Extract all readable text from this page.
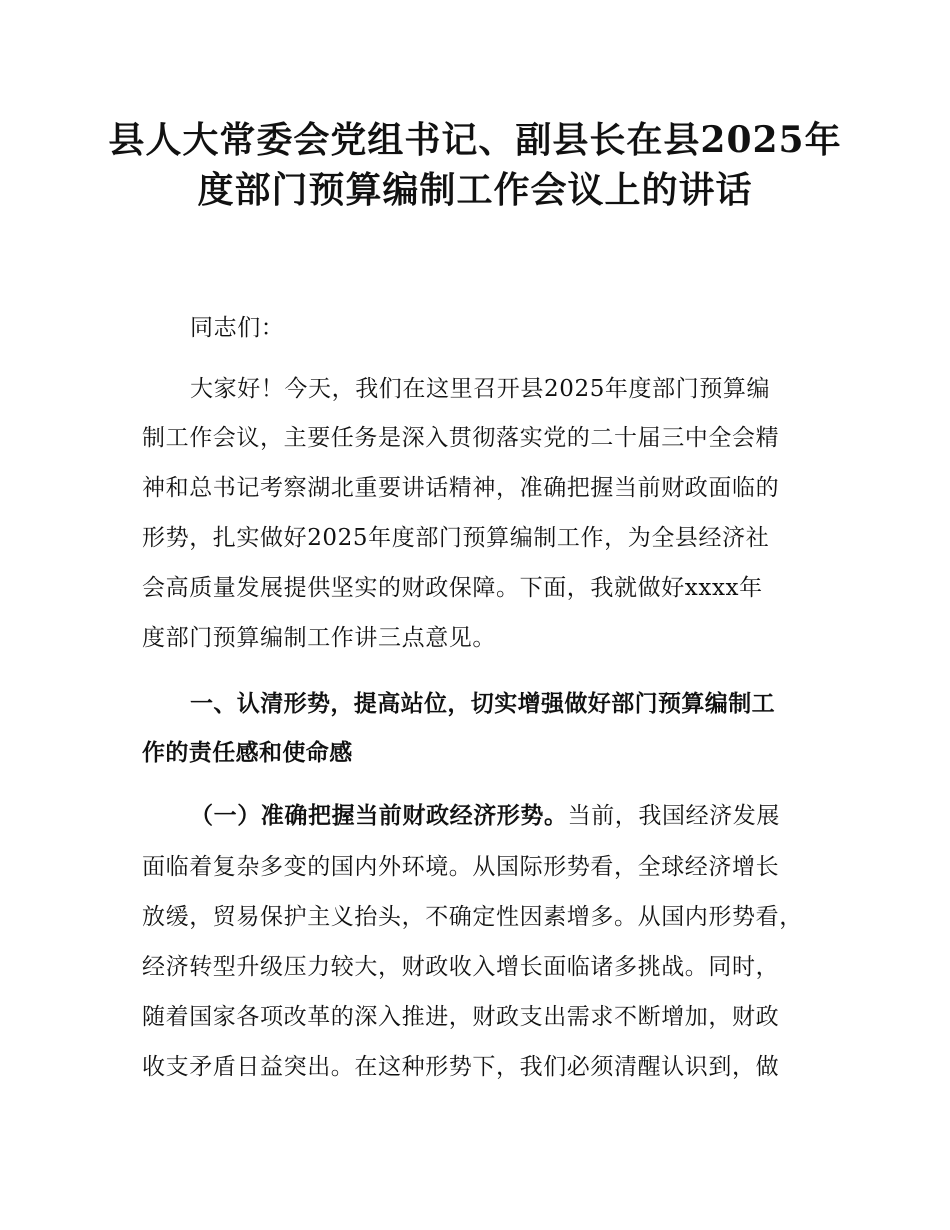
县人大常委会党组书记、副县长在县2025年
度部门预算编制工作会议上的讲话
同志们：
大家好！今天，我们在这里召开县2025年度部门预算编
制工作会议，主要任务是深入贯彻落实党的二十届三中全会精
神和总书记考察湖北重要讲话精神，准确把握当前财政面临的
形势，扎实做好2025年度部门预算编制工作，为全县经济社
会高质量发展提供坚实的财政保障。下面，我就做好xxxx年
度部门预算编制工作讲三点意见。
一、认清形势，提高站位，切实增强做好部门预算编制工
作的责任感和使命感
（一）准确把握当前财政经济形势。当前，我国经济发展
面临着复杂多变的国内外环境。从国际形势看，全球经济增长
放缓，贸易保护主义抬头，不确定性因素增多。从国内形势看，
经济转型升级压力较大，财政收入增长面临诸多挑战。同时，
随着国家各项改革的深入推进，财政支出需求不断增加，财政
收支矛盾日益突出。在这种形势下，我们必须清醒认识到，做
